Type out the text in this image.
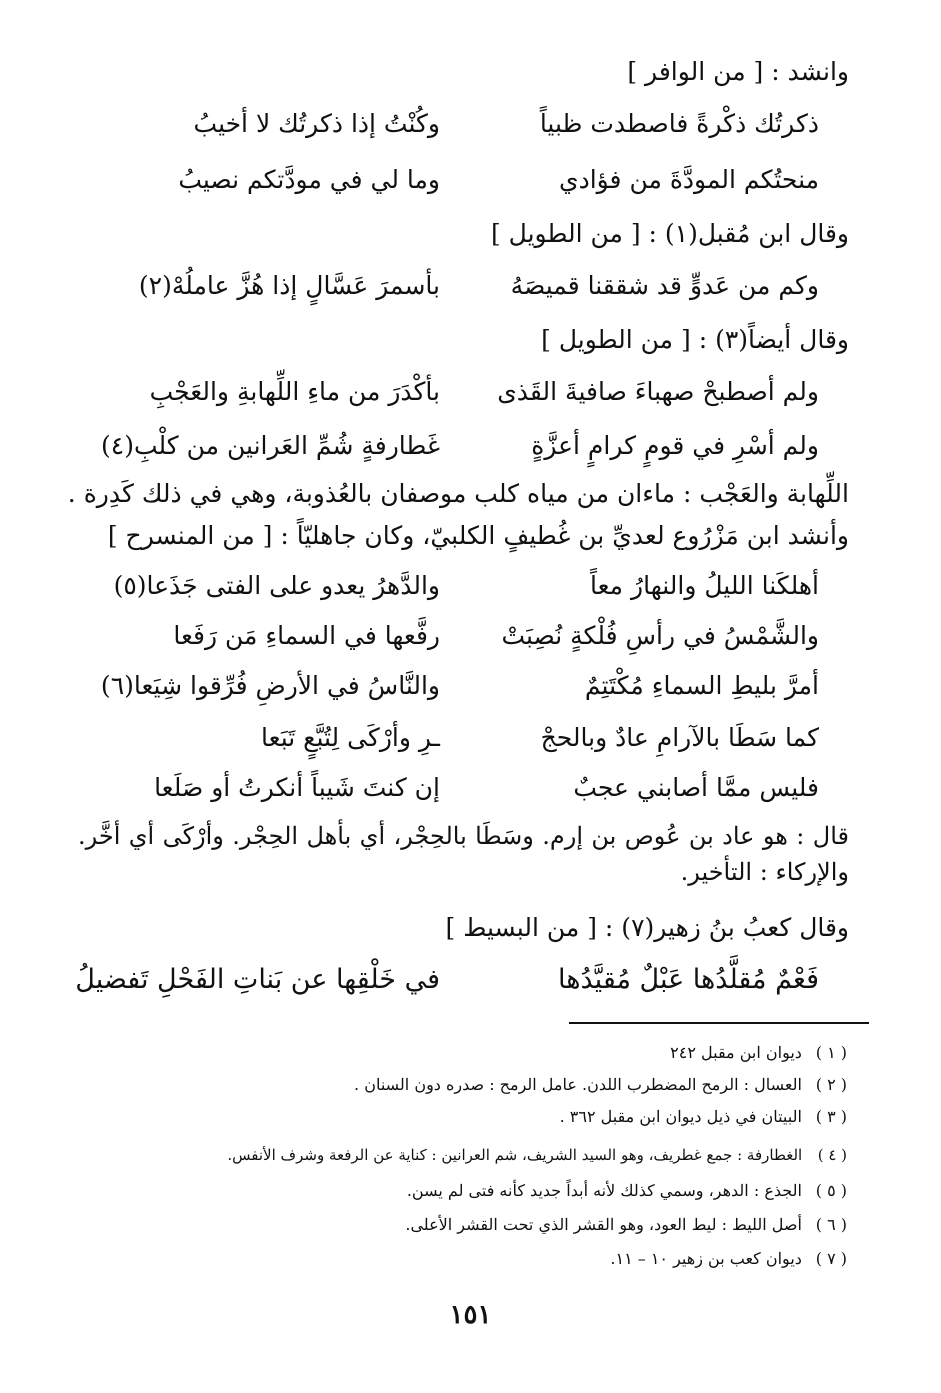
وانشد : [ من الوافر ]
ذكرتُك ذكْرةً فاصطدت ظبياً
وكُنْتُ إذا ذكرتُك لا أخيبُ
منحتُكم المودَّةَ من فؤادي
وما لي في مودَّتكم نصيبُ
وقال ابن مُقبل(١) : [ من الطويل ]
وكم من عَدوٍّ قد شققنا قميصَهُ
بأسمرَ عَسَّالٍ إذا هُزَّ عاملُهْ(٢)
وقال أيضاً(٣) : [ من الطويل ]
ولم أصطبحْ صهباءَ صافيةَ القَذى
بأكْدَرَ من ماءِ اللِّهابةِ والعَجْبِ
ولم أسْرِ في قومٍ كرامٍ أعزَّةٍ
غَطارفةٍ شُمِّ العَرانين من كلْبِ(٤)
اللِّهابة والعَجْب : ماءان من مياه كلب موصفان بالعُذوبة، وهي في ذلك كَدِرة .
وأنشد ابن مَزْرُوع لعديِّ بن غُطيفٍ الكلبيّ، وكان جاهليّاً : [ من المنسرح ]
أهلكَنا الليلُ والنهارُ معاً
والدَّهرُ يعدو على الفتى جَذَعا(٥)
والشَّمْسُ في رأسِ فُلْكةٍ نُصِبَتْ
رفَّعها في السماءِ مَن رَفَعا
أمرَّ بليطِ السماءِ مُكْتَتِمٌ
والنَّاسُ في الأرضِ فُرِّقوا شِيَعا(٦)
كما سَطَا بالآرامِ عادٌ وبالحجْ
ـرِ وأرْكَى لِتُبَّعٍ تَبَعا
فليس ممَّا أصابني عجبٌ
إن كنتَ شَيباً أنكرتُ أو صَلَعا
قال : هو عاد بن عُوص بن إرم. وسَطَا بالحِجْر، أي بأهل الحِجْر. وأرْكَى أي أخَّر. والإركاء : التأخير.
وقال كعبُ بنُ زهير(٧) : [ من البسيط ]
فَعْمٌ مُقلَّدُها عَبْلٌ مُقيَّدُها
في خَلْقِها عن بَناتِ الفَحْلِ تَفضيلُ
( ١ ) ديوان ابن مقبل ٢٤٢
( ٢ ) العسال : الرمح المضطرب اللدن. عامل الرمح : صدره دون السنان .
( ٣ ) البيتان في ذيل ديوان ابن مقبل ٣٦٢ .
( ٤ ) الغطارفة : جمع غطريف، وهو السيد الشريف، شم العرانين : كناية عن الرفعة وشرف الأنفس.
( ٥ ) الجذع : الدهر، وسمي كذلك لأنه أبداً جديد كأنه فتى لم يسن.
( ٦ ) أصل الليط : ليط العود، وهو القشر الذي تحت القشر الأعلى.
( ٧ ) ديوان كعب بن زهير ١٠ – ١١.
١٥١
